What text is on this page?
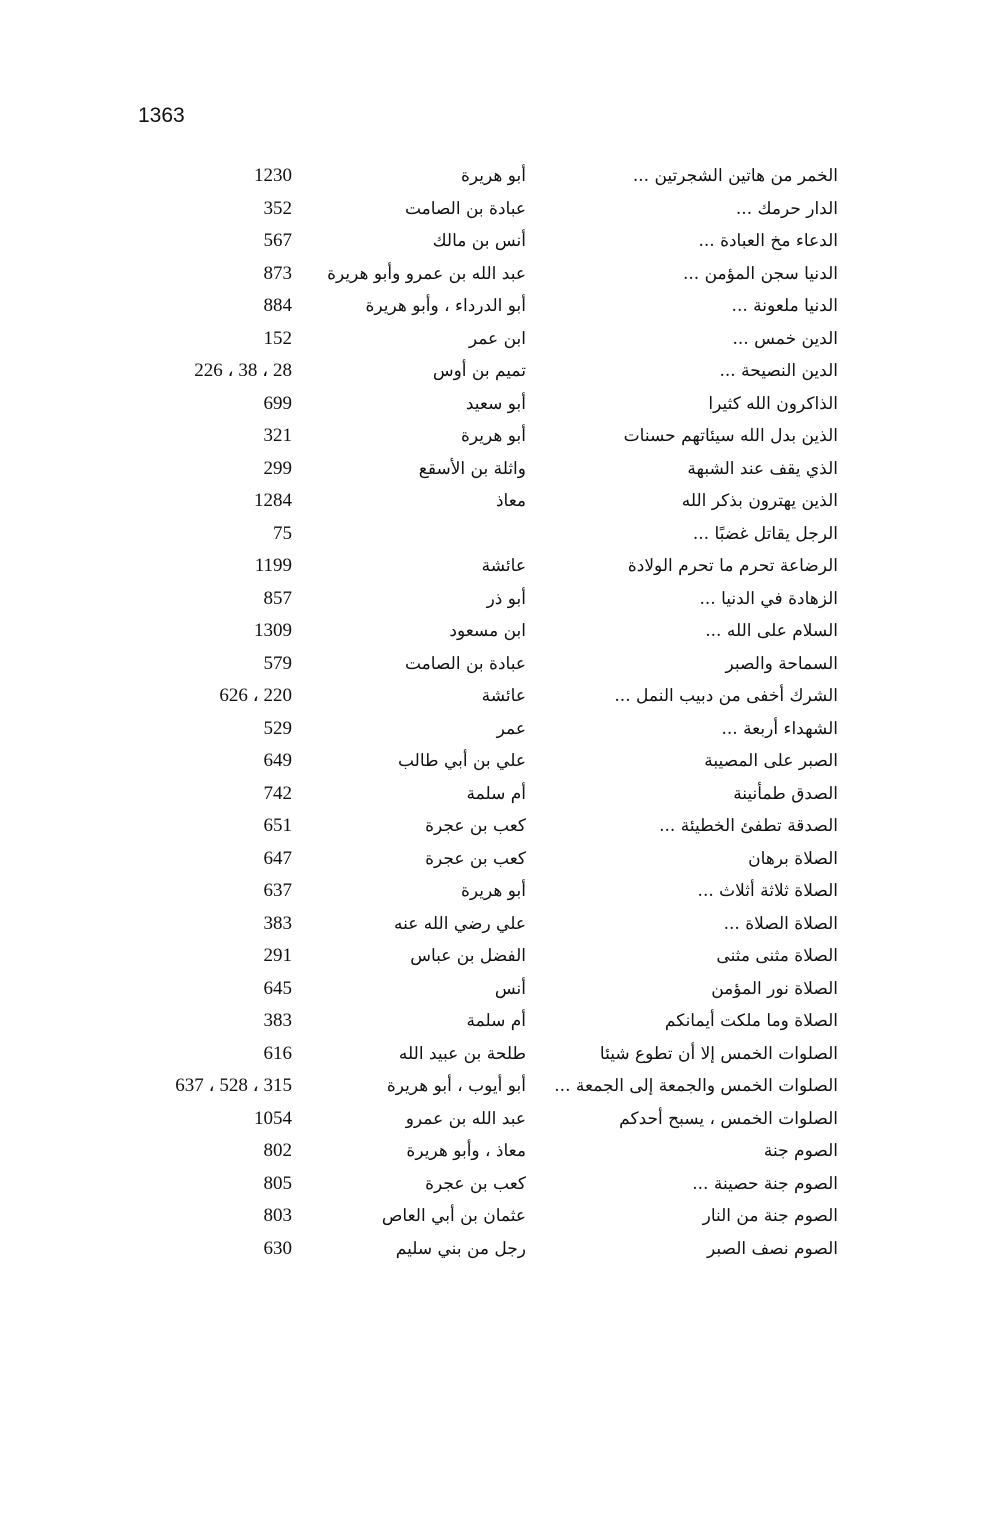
1363
الخمر من هاتين الشجرتين ...
أبو هريرة
1230
الدار حرمك ...
عبادة بن الصامت
352
الدعاء مخ العبادة ...
أنس بن مالك
567
الدنيا سجن المؤمن ...
عبد الله بن عمرو وأبو هريرة
873
الدنيا ملعونة ...
أبو الدرداء ، وأبو هريرة
884
الدين خمس ...
ابن عمر
152
الدين النصيحة ...
تميم بن أوس
28 ، 38 ، 226
الذاكرون الله كثيرا
أبو سعيد
699
الذين بدل الله سيئاتهم حسنات
أبو هريرة
321
الذي يقف عند الشبهة
واثلة بن الأسقع
299
الذين يهترون بذكر الله
معاذ
1284
الرجل يقاتل غضبًا ...
75
الرضاعة تحرم ما تحرم الولادة
عائشة
1199
الزهادة في الدنيا ...
أبو ذر
857
السلام على الله ...
ابن مسعود
1309
السماحة والصبر
عبادة بن الصامت
579
الشرك أخفى من دبيب النمل ...
عائشة
220 ، 626
الشهداء أربعة ...
عمر
529
الصبر على المصيبة
علي بن أبي طالب
649
الصدق طمأنينة
أم سلمة
742
الصدقة تطفئ الخطيئة ...
كعب بن عجرة
651
الصلاة برهان
كعب بن عجرة
647
الصلاة ثلاثة أثلاث ...
أبو هريرة
637
الصلاة الصلاة ...
علي رضي الله عنه
383
الصلاة مثنى مثنى
الفضل بن عباس
291
الصلاة نور المؤمن
أنس
645
الصلاة وما ملكت أيمانكم
أم سلمة
383
الصلوات الخمس إلا أن تطوع شيئا
طلحة بن عبيد الله
616
الصلوات الخمس والجمعة إلى الجمعة ...
أبو أيوب ، أبو هريرة
315 ، 528 ، 637
الصلوات الخمس ، يسبح أحدكم
عبد الله بن عمرو
1054
الصوم جنة
معاذ ، وأبو هريرة
802
الصوم جنة حصينة ...
كعب بن عجرة
805
الصوم جنة من النار
عثمان بن أبي العاص
803
الصوم نصف الصبر
رجل من بني سليم
630
